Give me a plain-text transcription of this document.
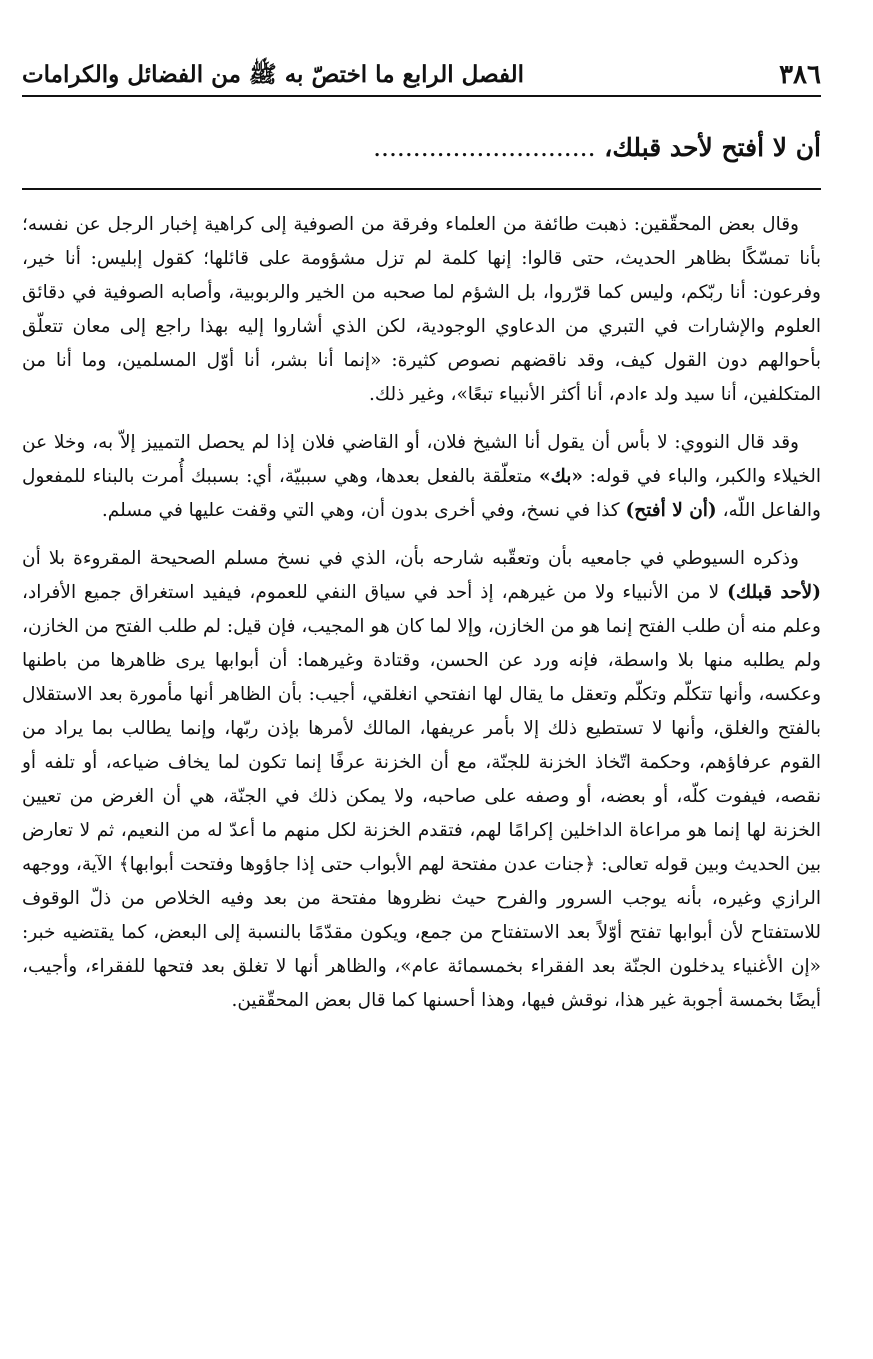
٣٨٦
الفصل الرابع ما اختصّ به ﷺ من الفضائل والكرامات
أن لا أفتح لأحد قبلك، ............................

وقال بعض المحقّقين: ذهبت طائفة من العلماء وفرقة من الصوفية إلى كراهية إخبار الرجل عن نفسه؛ بأنا تمسّكًا بظاهر الحديث، حتى قالوا: إنها كلمة لم تزل مشؤومة على قائلها؛ كقول إبليس: أنا خير، وفرعون: أنا ربّكم، وليس كما قرّروا، بل الشؤم لما صحبه من الخير والربوبية، وأصابه الصوفية في دقائق العلوم والإشارات في التبري من الدعاوي الوجودية، لكن الذي أشاروا إليه بهذا راجع إلى معان تتعلّق بأحوالهم دون القول كيف، وقد ناقضهم نصوص كثيرة: «إنما أنا بشر، أنا أوّل المسلمين، وما أنا من المتكلفين، أنا سيد ولد ءادم، أنا أكثر الأنبياء تبعًا»، وغير ذلك.

وقد قال النووي: لا بأس أن يقول أنا الشيخ فلان، أو القاضي فلان إذا لم يحصل التمييز إلاّ به، وخلا عن الخيلاء والكبر، والباء في قوله: «بك» متعلّقة بالفعل بعدها، وهي سببيّة، أي: بسببك أُمرت بالبناء للمفعول والفاعل اللّه، (أن لا أفتح) كذا في نسخ، وفي أخرى بدون أن، وهي التي وقفت عليها في مسلم.

وذكره السيوطي في جامعيه بأن وتعقّبه شارحه بأن، الذي في نسخ مسلم الصحيحة المقروءة بلا أن (لأحد قبلك) لا من الأنبياء ولا من غيرهم، إذ أحد في سياق النفي للعموم، فيفيد استغراق جميع الأفراد، وعلم منه أن طلب الفتح إنما هو من الخازن، وإلا لما كان هو المجيب، فإن قيل: لم طلب الفتح من الخازن، ولم يطلبه منها بلا واسطة، فإنه ورد عن الحسن، وقتادة وغيرهما: أن أبوابها يرى ظاهرها من باطنها وعكسه، وأنها تتكلّم وتكلّم وتعقل ما يقال لها انفتحي انغلقي، أجيب: بأن الظاهر أنها مأمورة بعد الاستقلال بالفتح والغلق، وأنها لا تستطيع ذلك إلا بأمر عريفها، المالك لأمرها بإذن ربّها، وإنما يطالب بما يراد من القوم عرفاؤهم، وحكمة اتّخاذ الخزنة للجنّة، مع أن الخزنة عرفًا إنما تكون لما يخاف ضياعه، أو تلفه أو نقصه، فيفوت كلّه، أو بعضه، أو وصفه على صاحبه، ولا يمكن ذلك في الجنّة، هي أن الغرض من تعيين الخزنة لها إنما هو مراعاة الداخلين إكرامًا لهم، فتقدم الخزنة لكل منهم ما أعدّ له من النعيم، ثم لا تعارض بين الحديث وبين قوله تعالى: ﴿جنات عدن مفتحة لهم الأبواب حتى إذا جاؤوها وفتحت أبوابها﴾ الآية، ووجهه الرازي وغيره، بأنه يوجب السرور والفرح حيث نظروها مفتحة من بعد وفيه الخلاص من ذلّ الوقوف للاستفتاح لأن أبوابها تفتح أوّلاً بعد الاستفتاح من جمع، ويكون مقدّمًا بالنسبة إلى البعض، كما يقتضيه خبر: «إن الأغنياء يدخلون الجنّة بعد الفقراء بخمسمائة عام»، والظاهر أنها لا تغلق بعد فتحها للفقراء، وأجيب، أيضًا بخمسة أجوبة غير هذا، نوقش فيها، وهذا أحسنها كما قال بعض المحقّقين.
